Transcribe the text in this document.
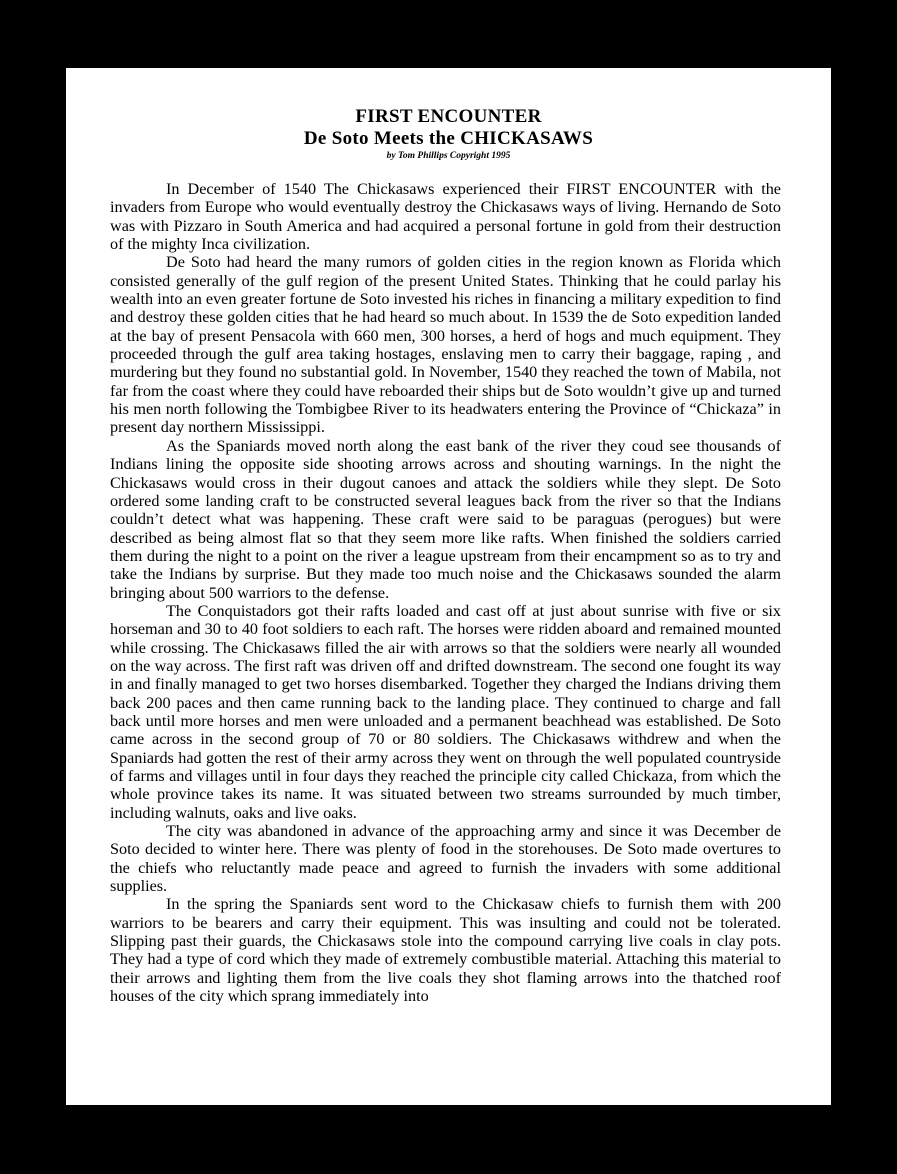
FIRST ENCOUNTER
De Soto Meets the CHICKASAWS
by Tom Phillips Copyright 1995

In December of 1540 The Chickasaws experienced their FIRST ENCOUNTER with the invaders from Europe who would eventually destroy the Chickasaws ways of living. Hernando de Soto was with Pizzaro in South America and had acquired a personal fortune in gold from their destruction of the mighty Inca civilization.

De Soto had heard the many rumors of golden cities in the region known as Florida which consisted generally of the gulf region of the present United States. Thinking that he could parlay his wealth into an even greater fortune de Soto invested his riches in financing a military expedition to find and destroy these golden cities that he had heard so much about. In 1539 the de Soto expedition landed at the bay of present Pensacola with 660 men, 300 horses, a herd of hogs and much equipment. They proceeded through the gulf area taking hostages, enslaving men to carry their baggage, raping , and murdering but they found no substantial gold. In November, 1540 they reached the town of Mabila, not far from the coast where they could have reboarded their ships but de Soto wouldn’t give up and turned his men north following the Tombigbee River to its headwaters entering the Province of “Chickaza” in present day northern Mississippi.

As the Spaniards moved north along the east bank of the river they coud see thousands of Indians lining the opposite side shooting arrows across and shouting warnings. In the night the Chickasaws would cross in their dugout canoes and attack the soldiers while they slept. De Soto ordered some landing craft to be constructed several leagues back from the river so that the Indians couldn’t detect what was happening. These craft were said to be paraguas (perogues) but were described as being almost flat so that they seem more like rafts. When finished the soldiers carried them during the night to a point on the river a league upstream from their encampment so as to try and take the Indians by surprise. But they made too much noise and the Chickasaws sounded the alarm bringing about 500 warriors to the defense.

The Conquistadors got their rafts loaded and cast off at just about sunrise with five or six horseman and 30 to 40 foot soldiers to each raft. The horses were ridden aboard and remained mounted while crossing. The Chickasaws filled the air with arrows so that the soldiers were nearly all wounded on the way across. The first raft was driven off and drifted downstream. The second one fought its way in and finally managed to get two horses disembarked. Together they charged the Indians driving them back 200 paces and then came running back to the landing place. They continued to charge and fall back until more horses and men were unloaded and a permanent beachhead was established. De Soto came across in the second group of 70 or 80 soldiers. The Chickasaws withdrew and when the Spaniards had gotten the rest of their army across they went on through the well populated countryside of farms and villages until in four days they reached the principle city called Chickaza, from which the whole province takes its name. It was situated between two streams surrounded by much timber, including walnuts, oaks and live oaks.

The city was abandoned in advance of the approaching army and since it was December de Soto decided to winter here. There was plenty of food in the storehouses. De Soto made overtures to the chiefs who reluctantly made peace and agreed to furnish the invaders with some additional supplies.

In the spring the Spaniards sent word to the Chickasaw chiefs to furnish them with 200 warriors to be bearers and carry their equipment. This was insulting and could not be tolerated. Slipping past their guards, the Chickasaws stole into the compound carrying live coals in clay pots. They had a type of cord which they made of extremely combustible material. Attaching this material to their arrows and lighting them from the live coals they shot flaming arrows into the thatched roof houses of the city which sprang immediately into
